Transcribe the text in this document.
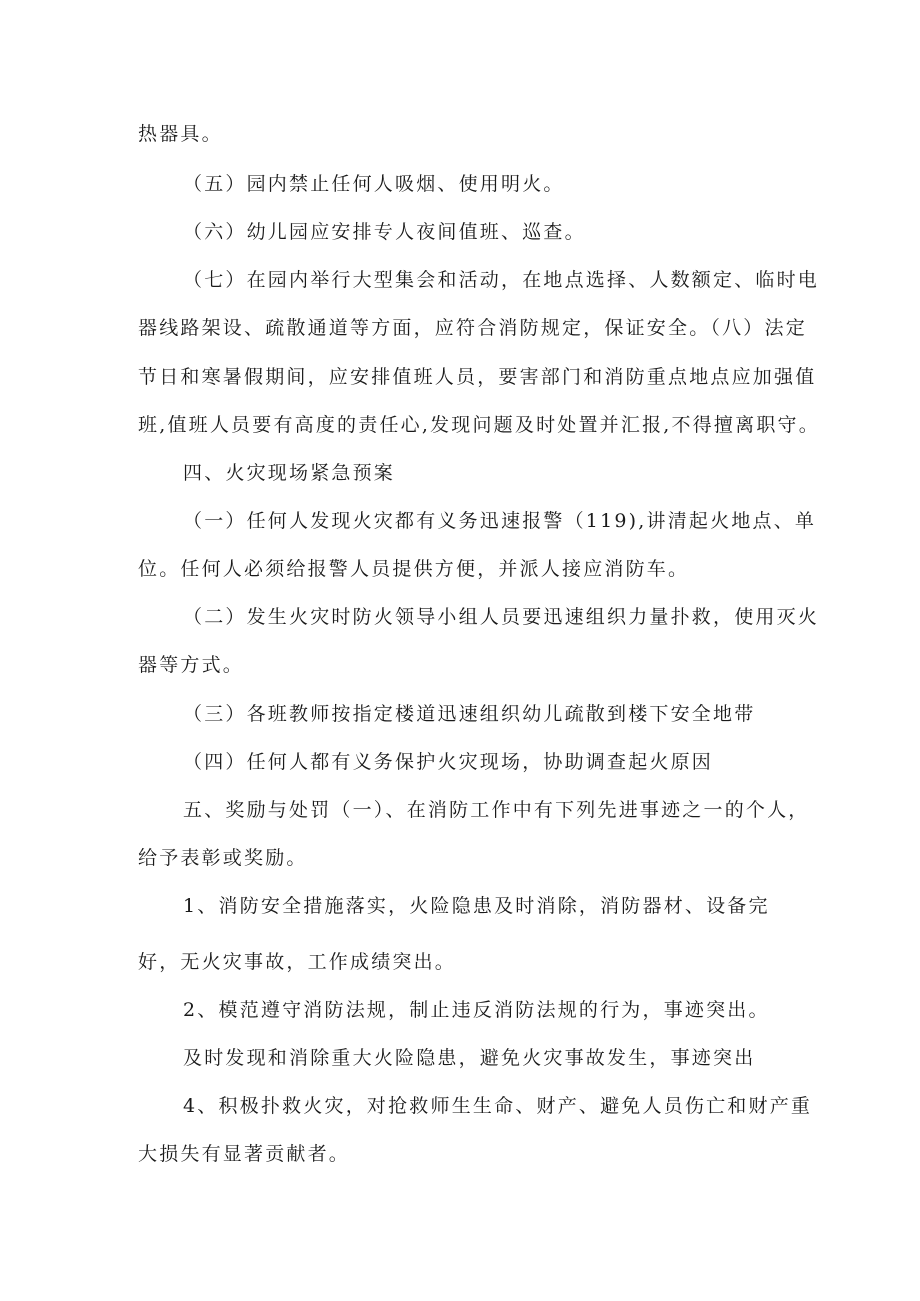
热器具。
（五）园内禁止任何人吸烟、使用明火。
（六）幼儿园应安排专人夜间值班、巡查。
（七）在园内举行大型集会和活动，在地点选择、人数额定、临时电
器线路架设、疏散通道等方面，应符合消防规定，保证安全。（八）法定
节日和寒暑假期间，应安排值班人员，要害部门和消防重点地点应加强值
班,值班人员要有高度的责任心,发现问题及时处置并汇报,不得擅离职守。
四、火灾现场紧急预案
（一）任何人发现火灾都有义务迅速报警（119),讲清起火地点、单
位。任何人必须给报警人员提供方便，并派人接应消防车。
（二）发生火灾时防火领导小组人员要迅速组织力量扑救，使用灭火
器等方式。
（三）各班教师按指定楼道迅速组织幼儿疏散到楼下安全地带
（四）任何人都有义务保护火灾现场，协助调查起火原因
五、奖励与处罚（一）、在消防工作中有下列先进事迹之一的个人，
给予表彰或奖励。
1、消防安全措施落实，火险隐患及时消除，消防器材、设备完
好，无火灾事故，工作成绩突出。
2、模范遵守消防法规，制止违反消防法规的行为，事迹突出。
及时发现和消除重大火险隐患，避免火灾事故发生，事迹突出
4、积极扑救火灾，对抢救师生生命、财产、避免人员伤亡和财产重
大损失有显著贡献者。
